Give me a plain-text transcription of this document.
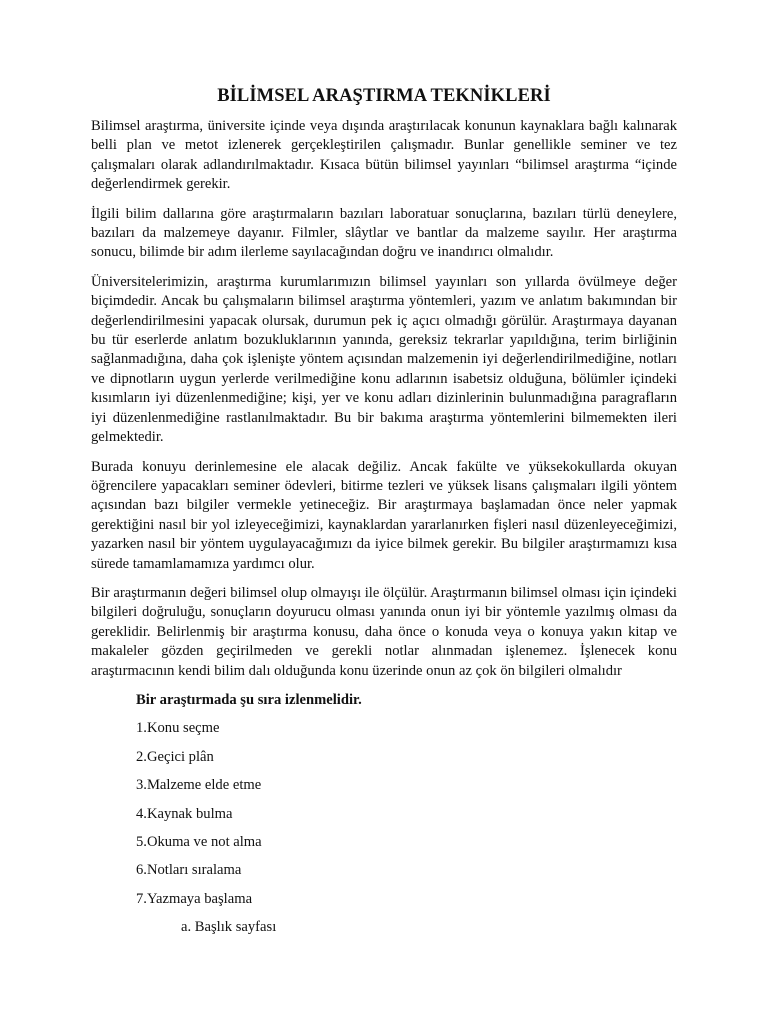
BİLİMSEL ARAŞTIRMA TEKNİKLERİ

Bilimsel araştırma, üniversite içinde veya dışında araştırılacak konunun kaynaklara bağlı kalınarak belli plan ve metot izlenerek gerçekleştirilen çalışmadır. Bunlar genellikle seminer ve tez çalışmaları olarak adlandırılmaktadır. Kısaca bütün bilimsel yayınları “bilimsel araştırma “içinde değerlendirmek gerekir.

İlgili bilim dallarına göre araştırmaların bazıları laboratuar sonuçlarına, bazıları türlü deneylere, bazıları da malzemeye dayanır. Filmler, slâytlar ve bantlar da malzeme sayılır. Her araştırma sonucu, bilimde bir adım ilerleme sayılacağından doğru ve inandırıcı olmalıdır.

Üniversitelerimizin, araştırma kurumlarımızın bilimsel yayınları son yıllarda övülmeye değer biçimdedir. Ancak bu çalışmaların bilimsel araştırma yöntemleri, yazım ve anlatım bakımından bir değerlendirilmesini yapacak olursak, durumun pek iç açıcı olmadığı görülür. Araştırmaya dayanan bu tür eserlerde anlatım bozukluklarının yanında, gereksiz tekrarlar yapıldığına, terim birliğinin sağlanmadığına, daha çok işlenişte yöntem açısından malzemenin iyi değerlendirilmediğine, notları ve dipnotların uygun yerlerde verilmediğine konu adlarının isabetsiz olduğuna, bölümler içindeki kısımların iyi düzenlenmediğine; kişi, yer ve konu adları dizinlerinin bulunmadığına paragrafların iyi düzenlenmediğine rastlanılmaktadır. Bu bir bakıma araştırma yöntemlerini bilmemekten ileri gelmektedir.

Burada konuyu derinlemesine ele alacak değiliz. Ancak fakülte ve yüksekokullarda okuyan öğrencilere yapacakları seminer ödevleri, bitirme tezleri ve yüksek lisans çalışmaları ilgili yöntem açısından bazı bilgiler vermekle yetineceğiz. Bir araştırmaya başlamadan önce neler yapmak gerektiğini nasıl bir yol izleyeceğimizi, kaynaklardan yararlanırken fişleri nasıl düzenleyeceğimizi, yazarken nasıl bir yöntem uygulayacağımızı da iyice bilmek gerekir. Bu bilgiler araştırmamızı kısa sürede tamamlamamıza yardımcı olur.

Bir araştırmanın değeri bilimsel olup olmayışı ile ölçülür. Araştırmanın bilimsel olması için içindeki bilgileri doğruluğu, sonuçların doyurucu olması yanında onun iyi bir yöntemle yazılmış olması da gereklidir. Belirlenmiş bir araştırma konusu, daha önce o konuda veya o konuya yakın kitap ve makaleler gözden geçirilmeden ve gerekli notlar alınmadan işlenemez. İşlenecek konu araştırmacının kendi bilim dalı olduğunda konu üzerinde onun az çok ön bilgileri olmalıdır

Bir araştırmada şu sıra izlenmelidir.
1.Konu seçme
2.Geçici plân
3.Malzeme elde etme
4.Kaynak bulma
5.Okuma ve not alma
6.Notları sıralama
7.Yazmaya başlama
a. Başlık sayfası
